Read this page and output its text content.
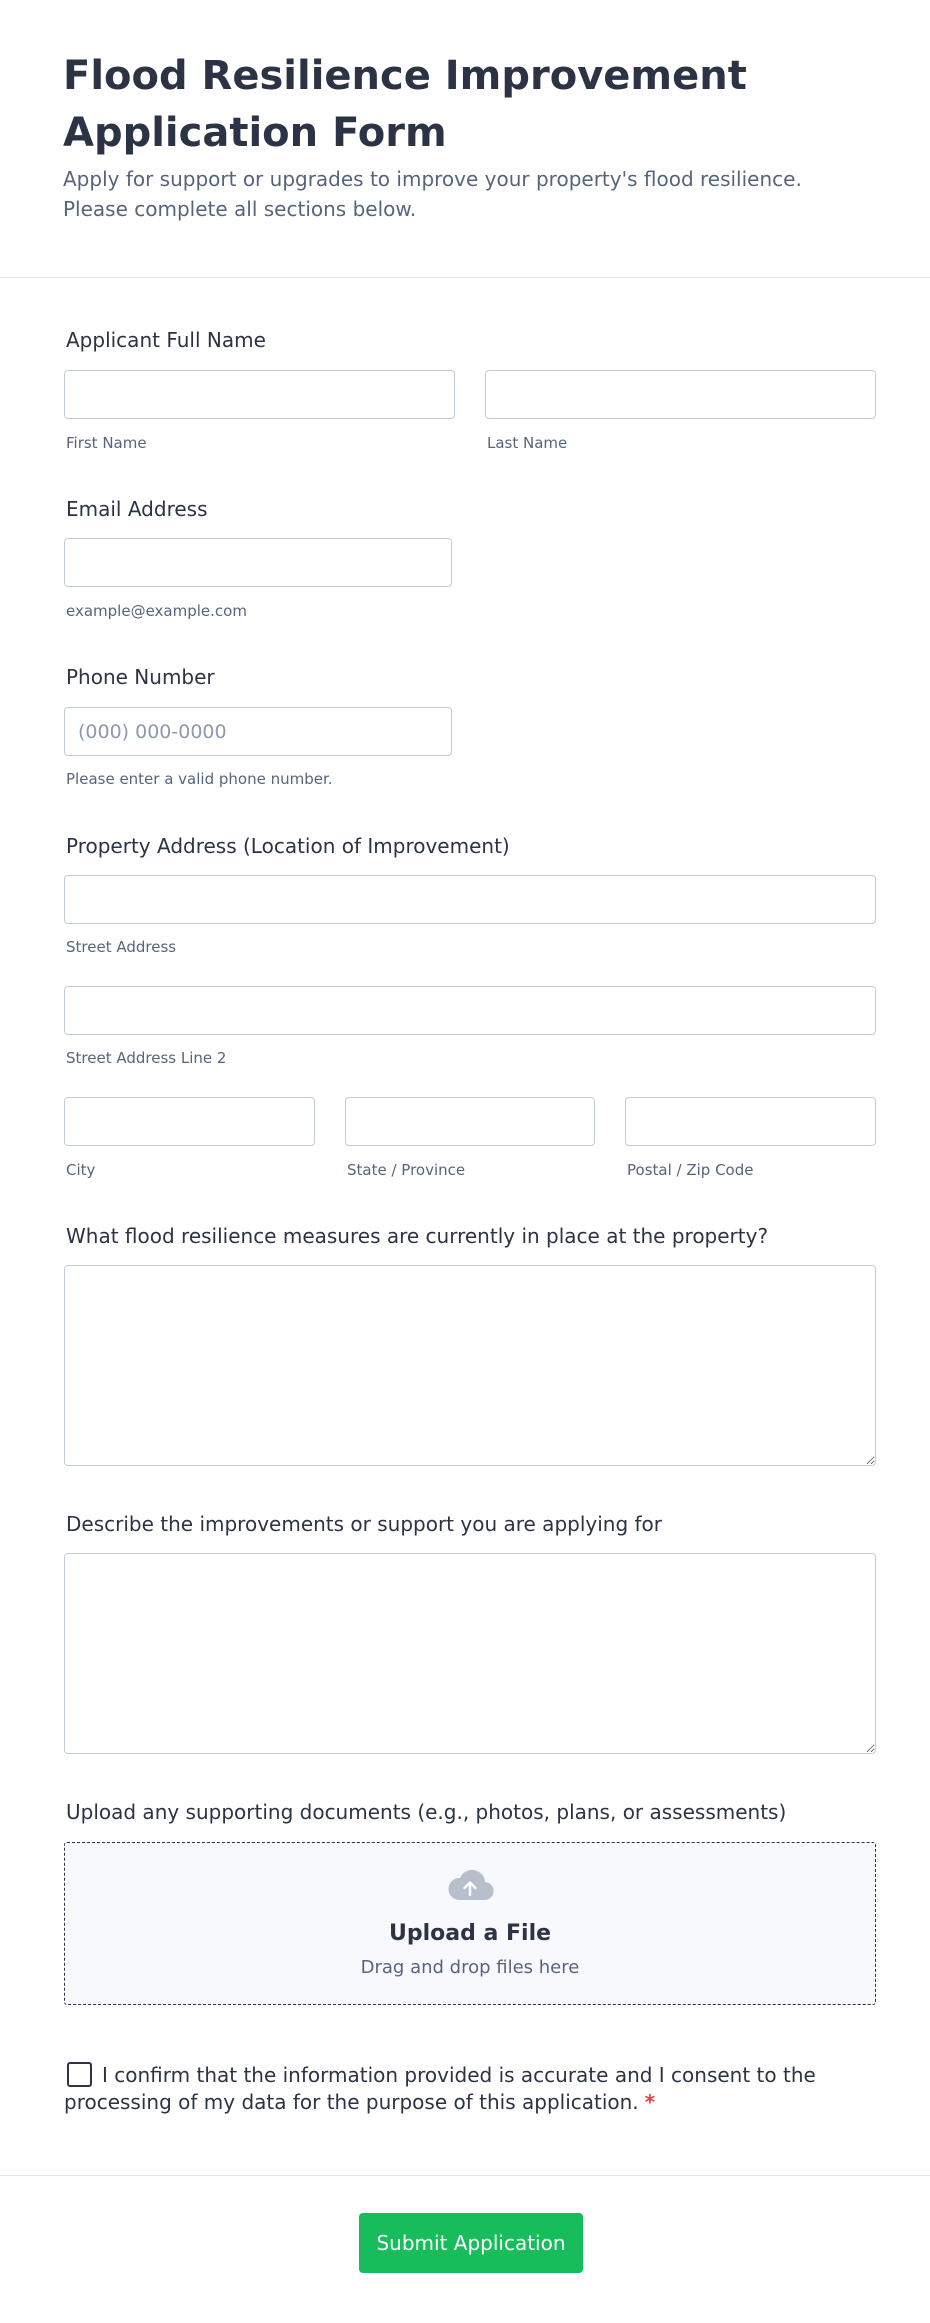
Flood Resilience Improvement Application Form

Apply for support or upgrades to improve your property's flood resilience. Please complete all sections below.

Applicant Full Name
First Name	Last Name
Email Address
example@example.com
Phone Number
(000) 000-0000
Please enter a valid phone number.
Property Address (Location of Improvement)
Street Address
Street Address Line 2
City	State / Province	Postal / Zip Code
What flood resilience measures are currently in place at the property?
Describe the improvements or support you are applying for
Upload any supporting documents (e.g., photos, plans, or assessments)
Upload a File
Drag and drop files here
I confirm that the information provided is accurate and I consent to the processing of my data for the purpose of this application. *
Submit Application
